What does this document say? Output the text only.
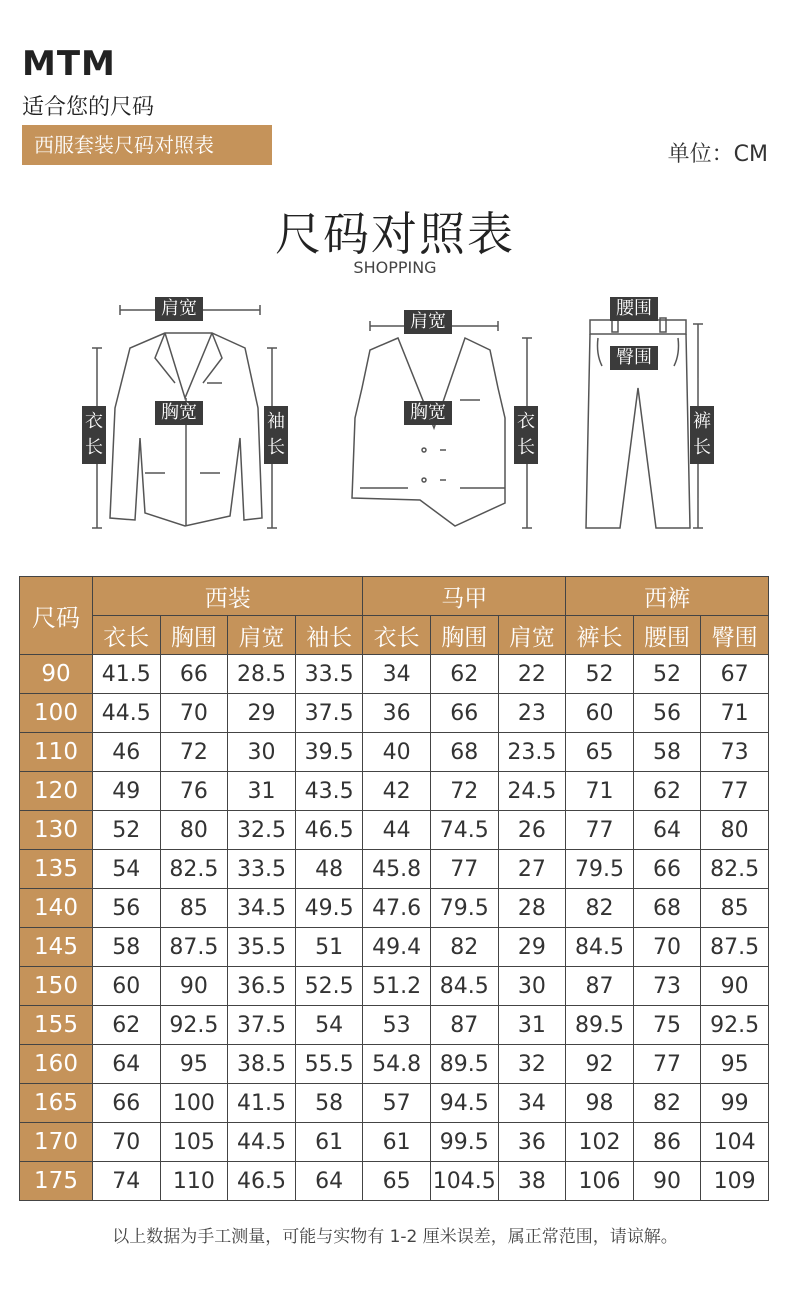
MTM
适合您的尺码
西服套装尺码对照表	单位：CM
尺码对照表
SHOPPING
肩宽
胸宽
衣长
袖长
肩宽
胸宽	衣长
腰围
臀围
裤长
尺码	西装				马甲			西裤		
	衣长	胸围	肩宽	袖长	衣长	胸围	肩宽	裤长	腰围	臀围
90	41.5	66	28.5	33.5	34	62	22	52	52	67
100	44.5	70	29	37.5	36	66	23	60	56	71
110	46	72	30	39.5	40	68	23.5	65	58	73
120	49	76	31	43.5	42	72	24.5	71	62	77
130	52	80	32.5	46.5	44	74.5	26	77	64	80
135	54	82.5	33.5	48	45.8	77	27	79.5	66	82.5
140	56	85	34.5	49.5	47.6	79.5	28	82	68	85
145	58	87.5	35.5	51	49.4	82	29	84.5	70	87.5
150	60	90	36.5	52.5	51.2	84.5	30	87	73	90
155	62	92.5	37.5	54	53	87	31	89.5	75	92.5
160	64	95	38.5	55.5	54.8	89.5	32	92	77	95
165	66	100	41.5	58	57	94.5	34	98	82	99
170	70	105	44.5	61	61	99.5	36	102	86	104
175	74	110	46.5	64	65	104.5	38	106	90	109
以上数据为手工测量，可能与实物有 1-2 厘米误差，属正常范围，请谅解。
